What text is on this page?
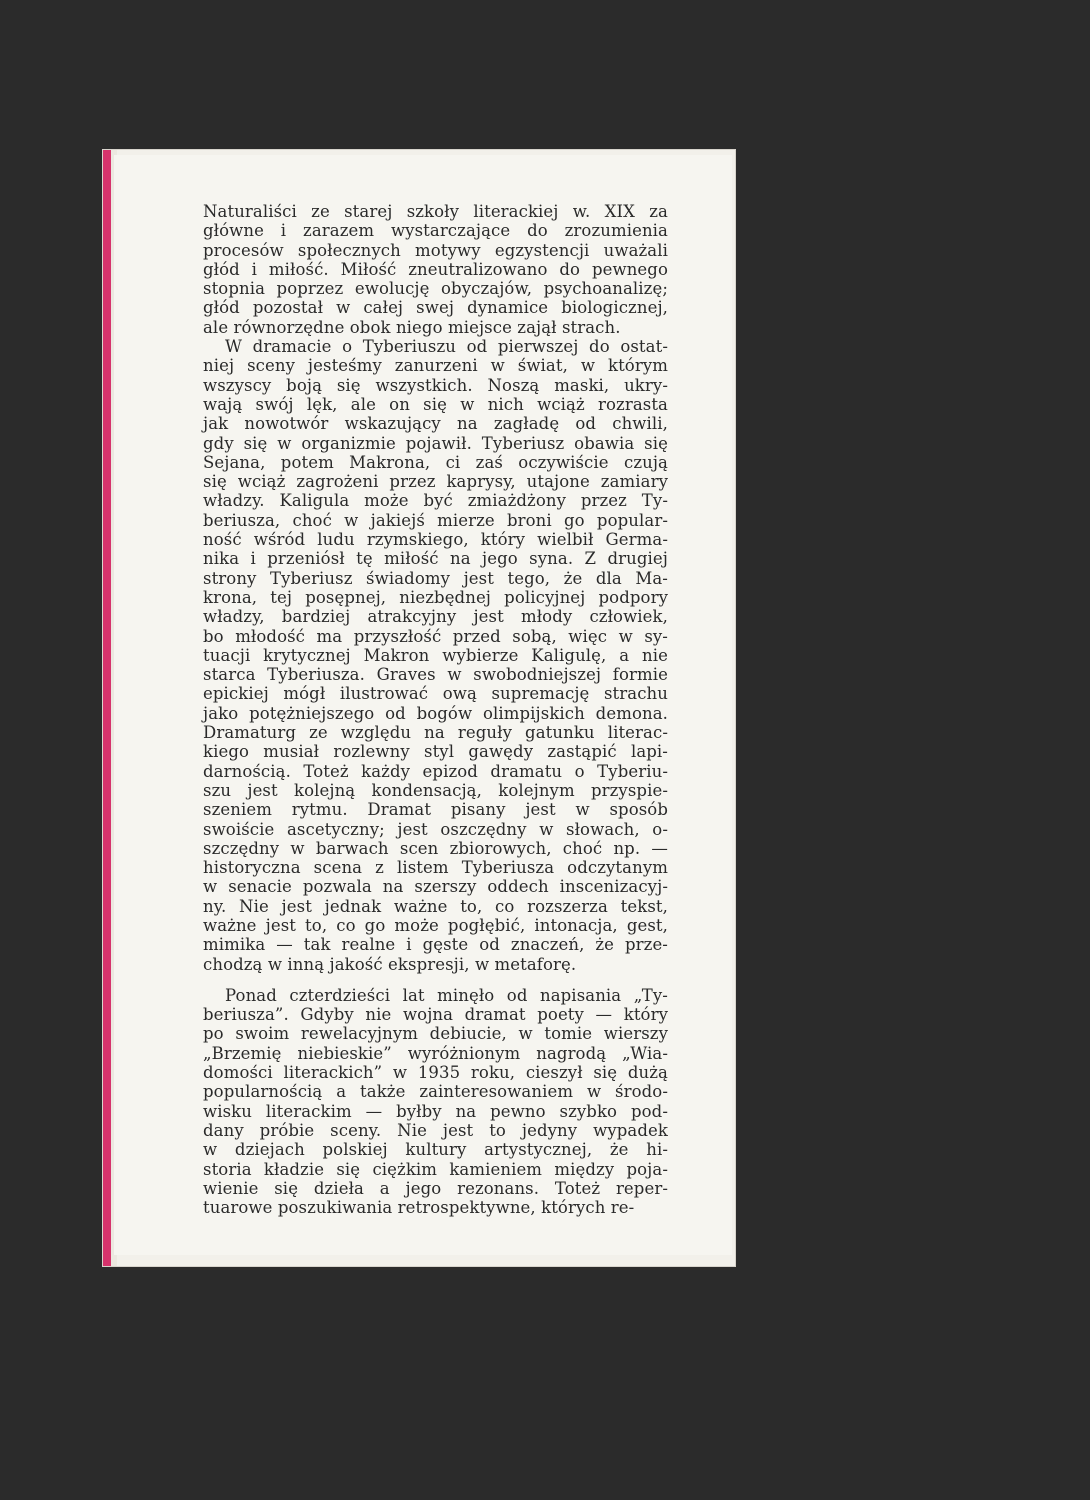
Naturaliści ze starej szkoły literackiej w. XIX za
główne i zarazem wystarczające do zrozumienia
procesów społecznych motywy egzystencji uważali
głód i miłość. Miłość zneutralizowano do pewnego
stopnia poprzez ewolucję obyczajów, psychoanalizę;
głód pozostał w całej swej dynamice biologicznej,
ale równorzędne obok niego miejsce zajął strach.
W dramacie o Tyberiuszu od pierwszej do ostat-
niej sceny jesteśmy zanurzeni w świat, w którym
wszyscy boją się wszystkich. Noszą maski, ukry-
wają swój lęk, ale on się w nich wciąż rozrasta
jak nowotwór wskazujący na zagładę od chwili,
gdy się w organizmie pojawił. Tyberiusz obawia się
Sejana, potem Makrona, ci zaś oczywiście czują
się wciąż zagrożeni przez kaprysy, utajone zamiary
władzy. Kaligula może być zmiażdżony przez Ty-
beriusza, choć w jakiejś mierze broni go popular-
ność wśród ludu rzymskiego, który wielbił Germa-
nika i przeniósł tę miłość na jego syna. Z drugiej
strony Tyberiusz świadomy jest tego, że dla Ma-
krona, tej posępnej, niezbędnej policyjnej podpory
władzy, bardziej atrakcyjny jest młody człowiek,
bo młodość ma przyszłość przed sobą, więc w sy-
tuacji krytycznej Makron wybierze Kaligulę, a nie
starca Tyberiusza. Graves w swobodniejszej formie
epickiej mógł ilustrować ową supremację strachu
jako potężniejszego od bogów olimpijskich demona.
Dramaturg ze względu na reguły gatunku literac-
kiego musiał rozlewny styl gawędy zastąpić lapi-
darnością. Toteż każdy epizod dramatu o Tyberiu-
szu jest kolejną kondensacją, kolejnym przyspie-
szeniem rytmu. Dramat pisany jest w sposób
swoiście ascetyczny; jest oszczędny w słowach, o-
szczędny w barwach scen zbiorowych, choć np. —
historyczna scena z listem Tyberiusza odczytanym
w senacie pozwala na szerszy oddech inscenizacyj-
ny. Nie jest jednak ważne to, co rozszerza tekst,
ważne jest to, co go może pogłębić, intonacja, gest,
mimika — tak realne i gęste od znaczeń, że prze-
chodzą w inną jakość ekspresji, w metaforę.
Ponad czterdzieści lat minęło od napisania „Ty-
beriusza”. Gdyby nie wojna dramat poety — który
po swoim rewelacyjnym debiucie, w tomie wierszy
„Brzemię niebieskie” wyróżnionym nagrodą „Wia-
domości literackich” w 1935 roku, cieszył się dużą
popularnością a także zainteresowaniem w środo-
wisku literackim — byłby na pewno szybko pod-
dany próbie sceny. Nie jest to jedyny wypadek
w dziejach polskiej kultury artystycznej, że hi-
storia kładzie się ciężkim kamieniem między poja-
wienie się dzieła a jego rezonans. Toteż reper-
tuarowe poszukiwania retrospektywne, których re-
